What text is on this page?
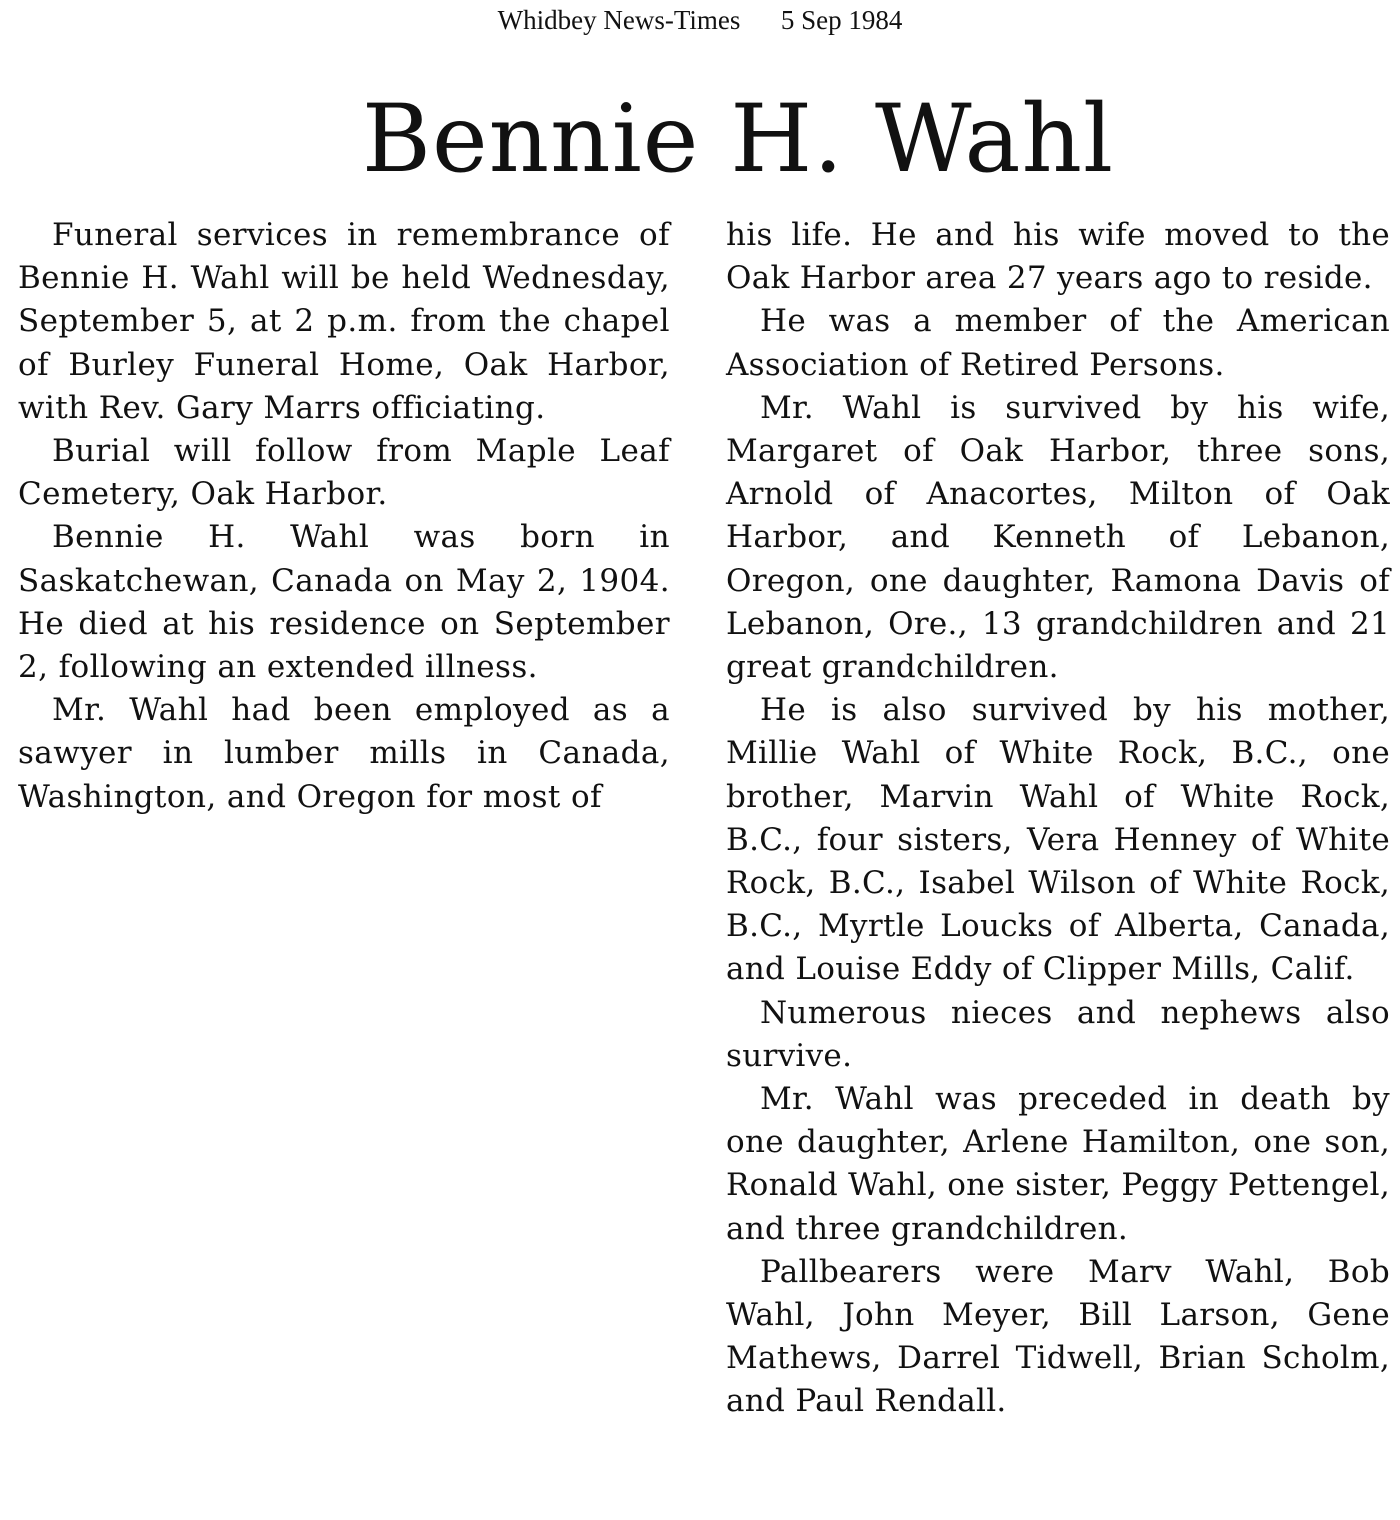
Whidbey News-Times      5 Sep 1984
Bennie H. Wahl

Funeral services in remembrance of Bennie H. Wahl will be held Wednesday, September 5, at 2 p.m. from the chapel of Burley Funeral Home, Oak Harbor, with Rev. Gary Marrs officiating.

Burial will follow from Maple Leaf Cemetery, Oak Harbor.

Bennie H. Wahl was born in Saskatchewan, Canada on May 2, 1904. He died at his residence on September 2, following an extended illness.

Mr. Wahl had been employed as a sawyer in lumber mills in Canada, Washington, and Oregon for most of

his life. He and his wife moved to the Oak Harbor area 27 years ago to reside.

He was a member of the American Association of Retired Persons.

Mr. Wahl is survived by his wife, Margaret of Oak Harbor, three sons, Arnold of Anacortes, Milton of Oak Harbor, and Kenneth of Lebanon, Oregon, one daughter, Ramona Davis of Lebanon, Ore., 13 grandchildren and 21 great grandchildren.

He is also survived by his mother, Millie Wahl of White Rock, B.C., one brother, Marvin Wahl of White Rock, B.C., four sisters, Vera Henney of White Rock, B.C., Isabel Wilson of White Rock, B.C., Myrtle Loucks of Alberta, Canada, and Louise Eddy of Clipper Mills, Calif.

Numerous nieces and nephews also survive.

Mr. Wahl was preceded in death by one daughter, Arlene Hamilton, one son, Ronald Wahl, one sister, Peggy Pettengel, and three grandchildren.

Pallbearers were Marv Wahl, Bob Wahl, John Meyer, Bill Larson, Gene Mathews, Darrel Tidwell, Brian Scholm, and Paul Rendall.
